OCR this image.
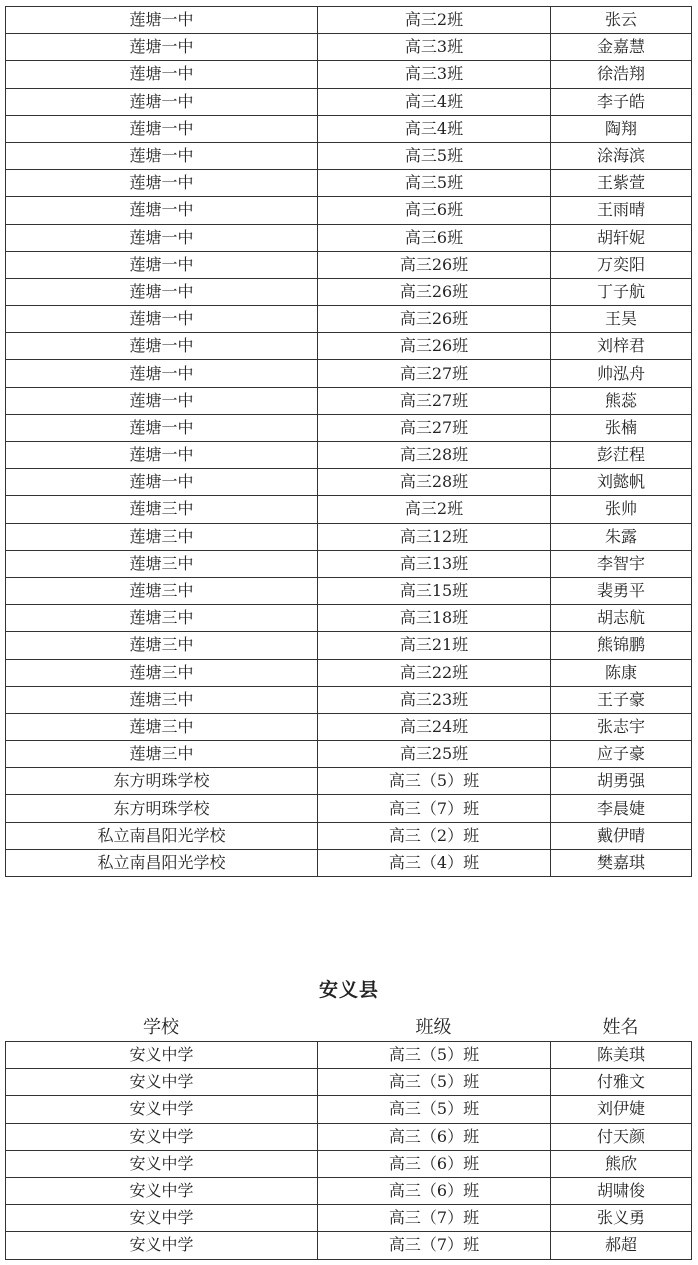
莲塘一中	高三2班	张云
莲塘一中	高三3班	金嘉慧
莲塘一中	高三3班	徐浩翔
莲塘一中	高三4班	李子皓
莲塘一中	高三4班	陶翔
莲塘一中	高三5班	涂海滨
莲塘一中	高三5班	王紫萱
莲塘一中	高三6班	王雨晴
莲塘一中	高三6班	胡轩妮
莲塘一中	高三26班	万奕阳
莲塘一中	高三26班	丁子航
莲塘一中	高三26班	王昊
莲塘一中	高三26班	刘梓君
莲塘一中	高三27班	帅泓舟
莲塘一中	高三27班	熊蕊
莲塘一中	高三27班	张楠
莲塘一中	高三28班	彭茳程
莲塘一中	高三28班	刘懿帆
莲塘三中	高三2班	张帅
莲塘三中	高三12班	朱露
莲塘三中	高三13班	李智宇
莲塘三中	高三15班	裴勇平
莲塘三中	高三18班	胡志航
莲塘三中	高三21班	熊锦鹏
莲塘三中	高三22班	陈康
莲塘三中	高三23班	王子豪
莲塘三中	高三24班	张志宇
莲塘三中	高三25班	应子豪
东方明珠学校	高三（5）班	胡勇强
东方明珠学校	高三（7）班	李晨婕
私立南昌阳光学校	高三（2）班	戴伊晴
私立南昌阳光学校	高三（4）班	樊嘉琪
安义县
学校	班级	姓名
安义中学	高三（5）班	陈美琪
安义中学	高三（5）班	付雅文
安义中学	高三（5）班	刘伊婕
安义中学	高三（6）班	付天颜
安义中学	高三（6）班	熊欣
安义中学	高三（6）班	胡啸俊
安义中学	高三（7）班	张义勇
安义中学	高三（7）班	郝超
